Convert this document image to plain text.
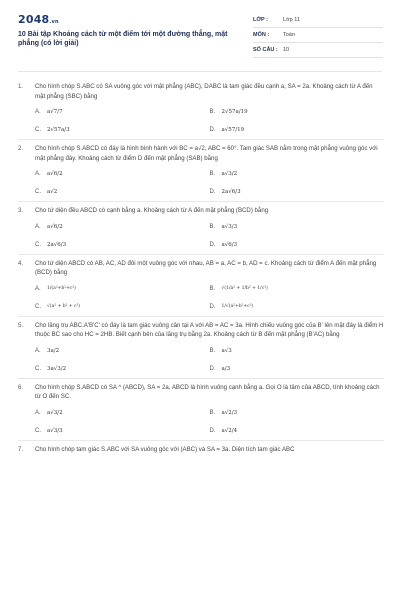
2048.vn
10 Bài tập Khoảng cách từ một điểm tới một đường thẳng, mặt phẳng (có lời giải)
LỚP :	Lớp 11
MÔN :	Toán
SỐ CÂU : 10
1.	Cho hình chóp S.ABC có SA vuông góc với mặt phẳng (ABC), DABC là tam giác đều cạnh a, SA = 2a. Khoảng cách từ A đến mặt phẳng (SBC) bằng
A.	a√7/7	B.	2√57a/19
C.	2√57a/3	D.	a√57/19
2.	Cho hình chóp S.ABCD có đáy là hình bình hành với BC = a√2, ABC = 60°. Tam giác SAB nằm trong mặt phẳng vuông góc với mặt phẳng đáy. Khoảng cách từ điểm D đến mặt phẳng (SAB) bằng
A.	a√6/2	B.	a√3/2
C.	a√2	D.	2a√6/3
3.	Cho tứ diện đều ABCD có cạnh bằng a. Khoảng cách từ A đến mặt phẳng (BCD) bằng
A.	a√6/2	B.	a√3/3
C.	2a√6/3	D.	a√6/3
4.	Cho tứ diện ABCD có AB, AC, AD đôi một vuông góc với nhau, AB = a, AC = b, AD = c. Khoảng cách từ điểm A đến mặt phẳng (BCD) bằng
A.	1/(a²+b²+c²)	B.	√(1/a² + 1/b² + 1/c²)
C.	√(a² + b² + c²)	D.	1/√(a²+b²+c²)
5.	Cho lăng trụ ABC.A'B'C' có đáy là tam giác vuông cân tại A với AB = AC = 3a. Hình chiếu vuông góc của B' lên mặt đáy là điểm H thuộc BC sao cho HC = 2HB. Biết cạnh bên của lăng trụ bằng 2a. Khoảng cách từ B đến mặt phẳng (B'AC) bằng
A.	3a/2	B.	a√3
C.	3a√3/2	D.	a/3
6.	Cho hình chóp S.ABCD có SA ^ (ABCD), SA = 2a, ABCD là hình vuông cạnh bằng a. Gọi O là tâm của ABCD, tính khoảng cách từ O đến SC.
A.	a√3/2	B.	a√2/3
C.	a√3/3	D.	a√2/4
7.	Cho hình chóp tam giác S.ABC với SA vuông góc với (ABC) và SA = 3a. Diện tích tam giác ABC
